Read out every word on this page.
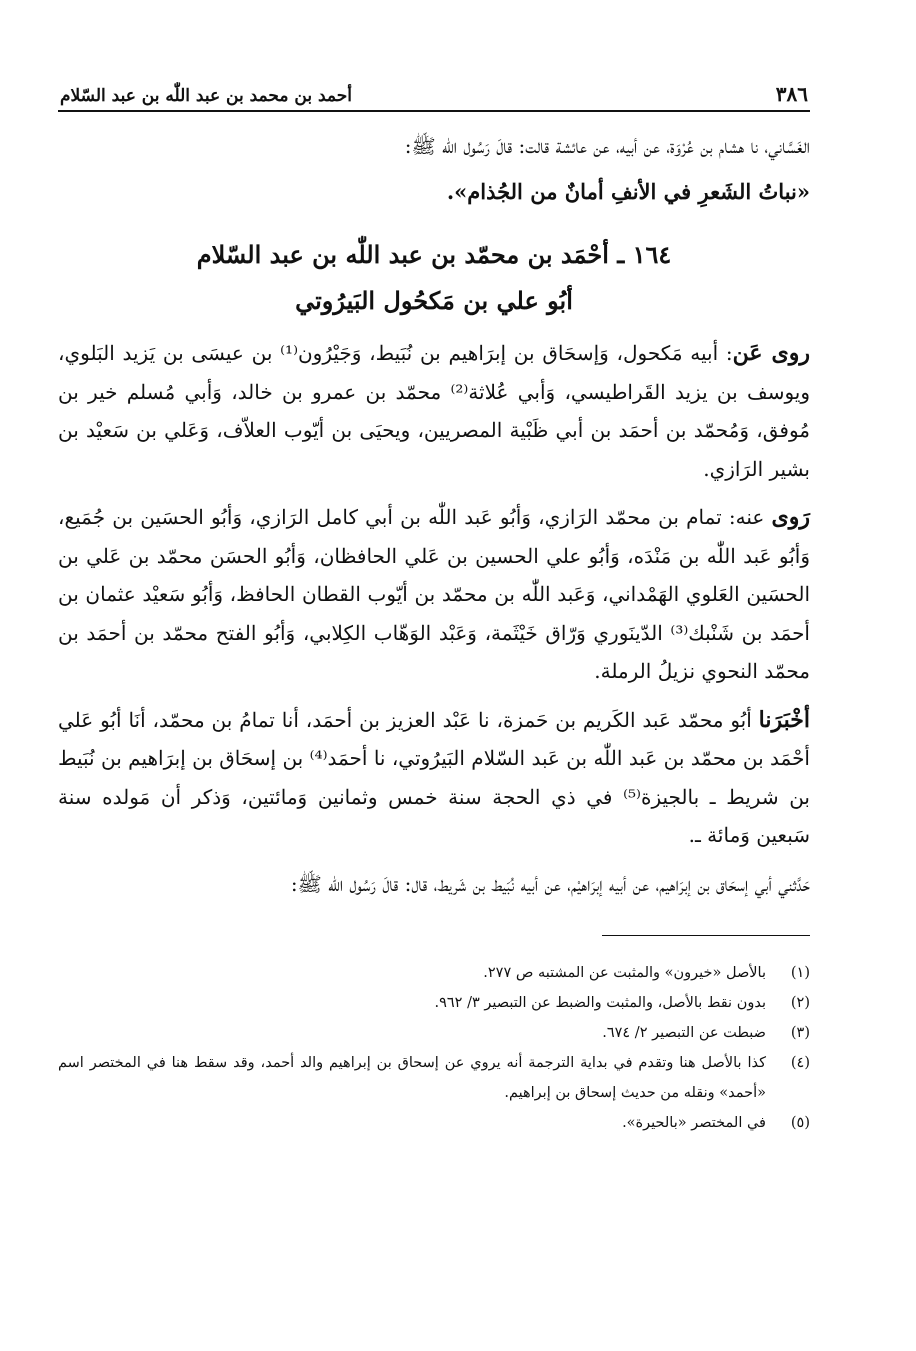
٣٨٦
أحمد بن محمد بن عبد اللّٰه بن عبد السّلام

الغَسَّاني، نا هشام بن عُرْوَة، عن أبيه، عن عائشة قالت: قالَ رَسُول اللّٰه ﷺ:

«نباتُ الشَعرِ في الأنفِ أمانٌ من الجُذام».

١٦٤ ـ أحْمَد بن محمّد بن عبد اللّٰه بن عبد السّلام
أبُو علي بن مَكحُول البَيرُوتي

روى عَن: أبيه مَكحول، وَإسحَاق بن إبرَاهيم بن نُبَيط، وَجَيْرُون⁽¹⁾ بن عيسَى بن يَزيد البَلوي، ويوسف بن يزيد القَراطيسي، وَأبي عُلاثة⁽²⁾ محمّد بن عمرو بن خالد، وَأبي مُسلم خير بن مُوفق، وَمُحمّد بن أحمَد بن أبي ظَبْية المصريين، ويحيَى بن أيّوب العلاّف، وَعَلي بن سَعيْد بن بشير الرَازي.

رَوى عنه: تمام بن محمّد الرَازي، وَأبُو عَبد اللّٰه بن أبي كامل الرَازي، وَأبُو الحسَين بن جُمَيع، وَأبُو عَبد اللّٰه بن مَنْدَه، وَأبُو علي الحسين بن عَلي الحافظان، وَأبُو الحسَن محمّد بن عَلي بن الحسَين العَلوي الهَمْداني، وَعَبد اللّٰه بن محمّد بن أيّوب القطان الحافظ، وَأبُو سَعيْد عثمان بن أحمَد بن شَنْبك⁽³⁾ الدّينَوري وَرّاق خَيْثَمة، وَعَبْد الوَهّاب الكِلابي، وَأبُو الفتح محمّد بن أحمَد بن محمّد النحوي نزيلُ الرملة.

أخْبَرَنا أبُو محمّد عَبد الكَريم بن حَمزة، نا عَبْد العزيز بن أحمَد، أنا تمامُ بن محمّد، أنَا أبُو عَلي أحْمَد بن محمّد بن عَبد اللّٰه بن عَبد السّلام البَيرُوتي، نا أحمَد⁽⁴⁾ بن إسحَاق بن إبرَاهيم بن نُبَيط بن شريط ـ بالجيزة⁽⁵⁾ في ذي الحجة سنة خمس وثمانين وَمائتين، وَذكر أن مَولده سنة سَبعين وَمائة ـ.

حَدَّثني أبي إسحَاق بن إبرَاهيم، عن أبيه إبرَاهيْم، عن أبيه نُبَيط بن شَريط، قال: قالَ رَسُول اللّٰه ﷺ:

(١)
بالأصل «خيرون» والمثبت عن المشتبه ص ٢٧٧.
(٢)
بدون نقط بالأصل، والمثبت والضبط عن التبصير ٣/ ٩٦٢.
(٣)
ضبطت عن التبصير ٢/ ٦٧٤.
(٤)
كذا بالأصل هنا وتقدم في بداية الترجمة أنه يروي عن إسحاق بن إبراهيم والد أحمد، وقد سقط هنا في المختصر اسم «أحمد» ونقله من حديث إسحاق بن إبراهيم.
(٥)
في المختصر «بالحيرة».
